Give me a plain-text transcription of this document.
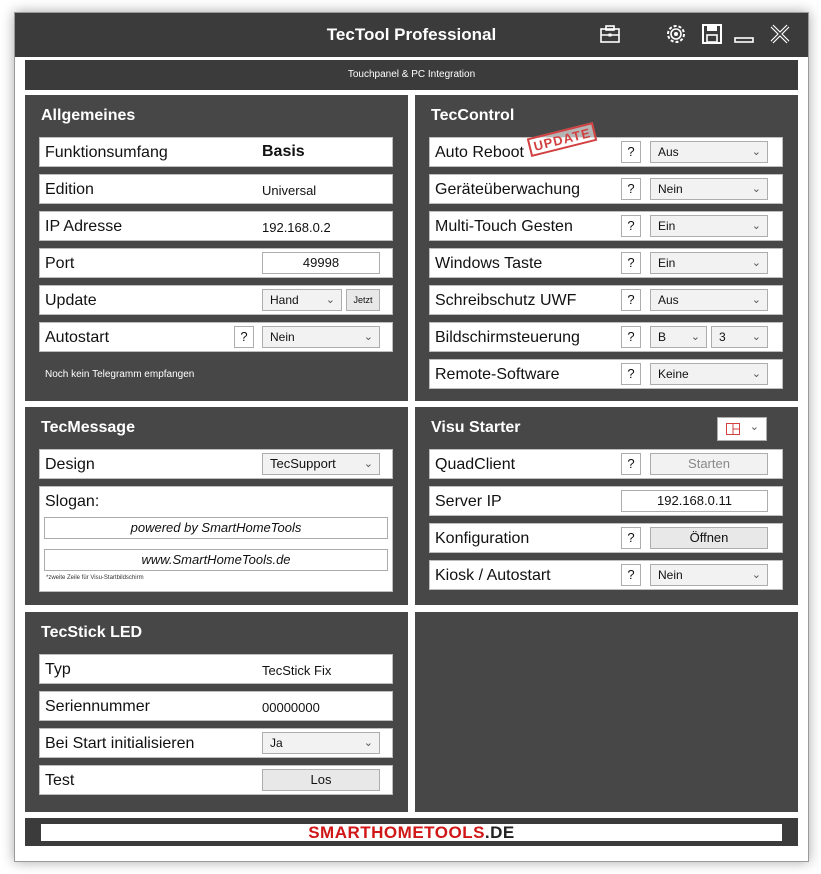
TecTool Professional
Touchpanel & PC Integration
Allgemeines
Funktionsumfang	Basis
Edition	Universal
IP Adresse	192.168.0.2
Port	49998
Update	Hand ⌄	Jetzt
Autostart	?	Nein	⌄
Noch kein Telegramm empfangen
TecControl
Auto Reboot UPDATE	?	Aus	⌄
Geräteüberwachung	?	Nein	⌄
Multi-Touch Gesten	?	Ein	⌄
Windows Taste	?	Ein	⌄
Schreibschutz UWF	?	Aus	⌄
Bildschirmsteuerung	?	B ⌄	3 ⌄
Remote-Software	?	Keine	⌄
TecMessage
Design	TecSupport	⌄
Slogan:
powered by SmartHomeTools
www.SmartHomeTools.de
*zweite Zeile für Visu-Startbildschirm
Visu Starter	⌄
QuadClient	?	Starten
Server IP	192.168.0.11
Konfiguration	?	Öffnen
Kiosk / Autostart	?	Nein	⌄
TecStick LED
Typ	TecStick Fix
Seriennummer	00000000
Bei Start initialisieren	Ja	⌄
Test	Los
SMARTHOMETOOLS.DE
